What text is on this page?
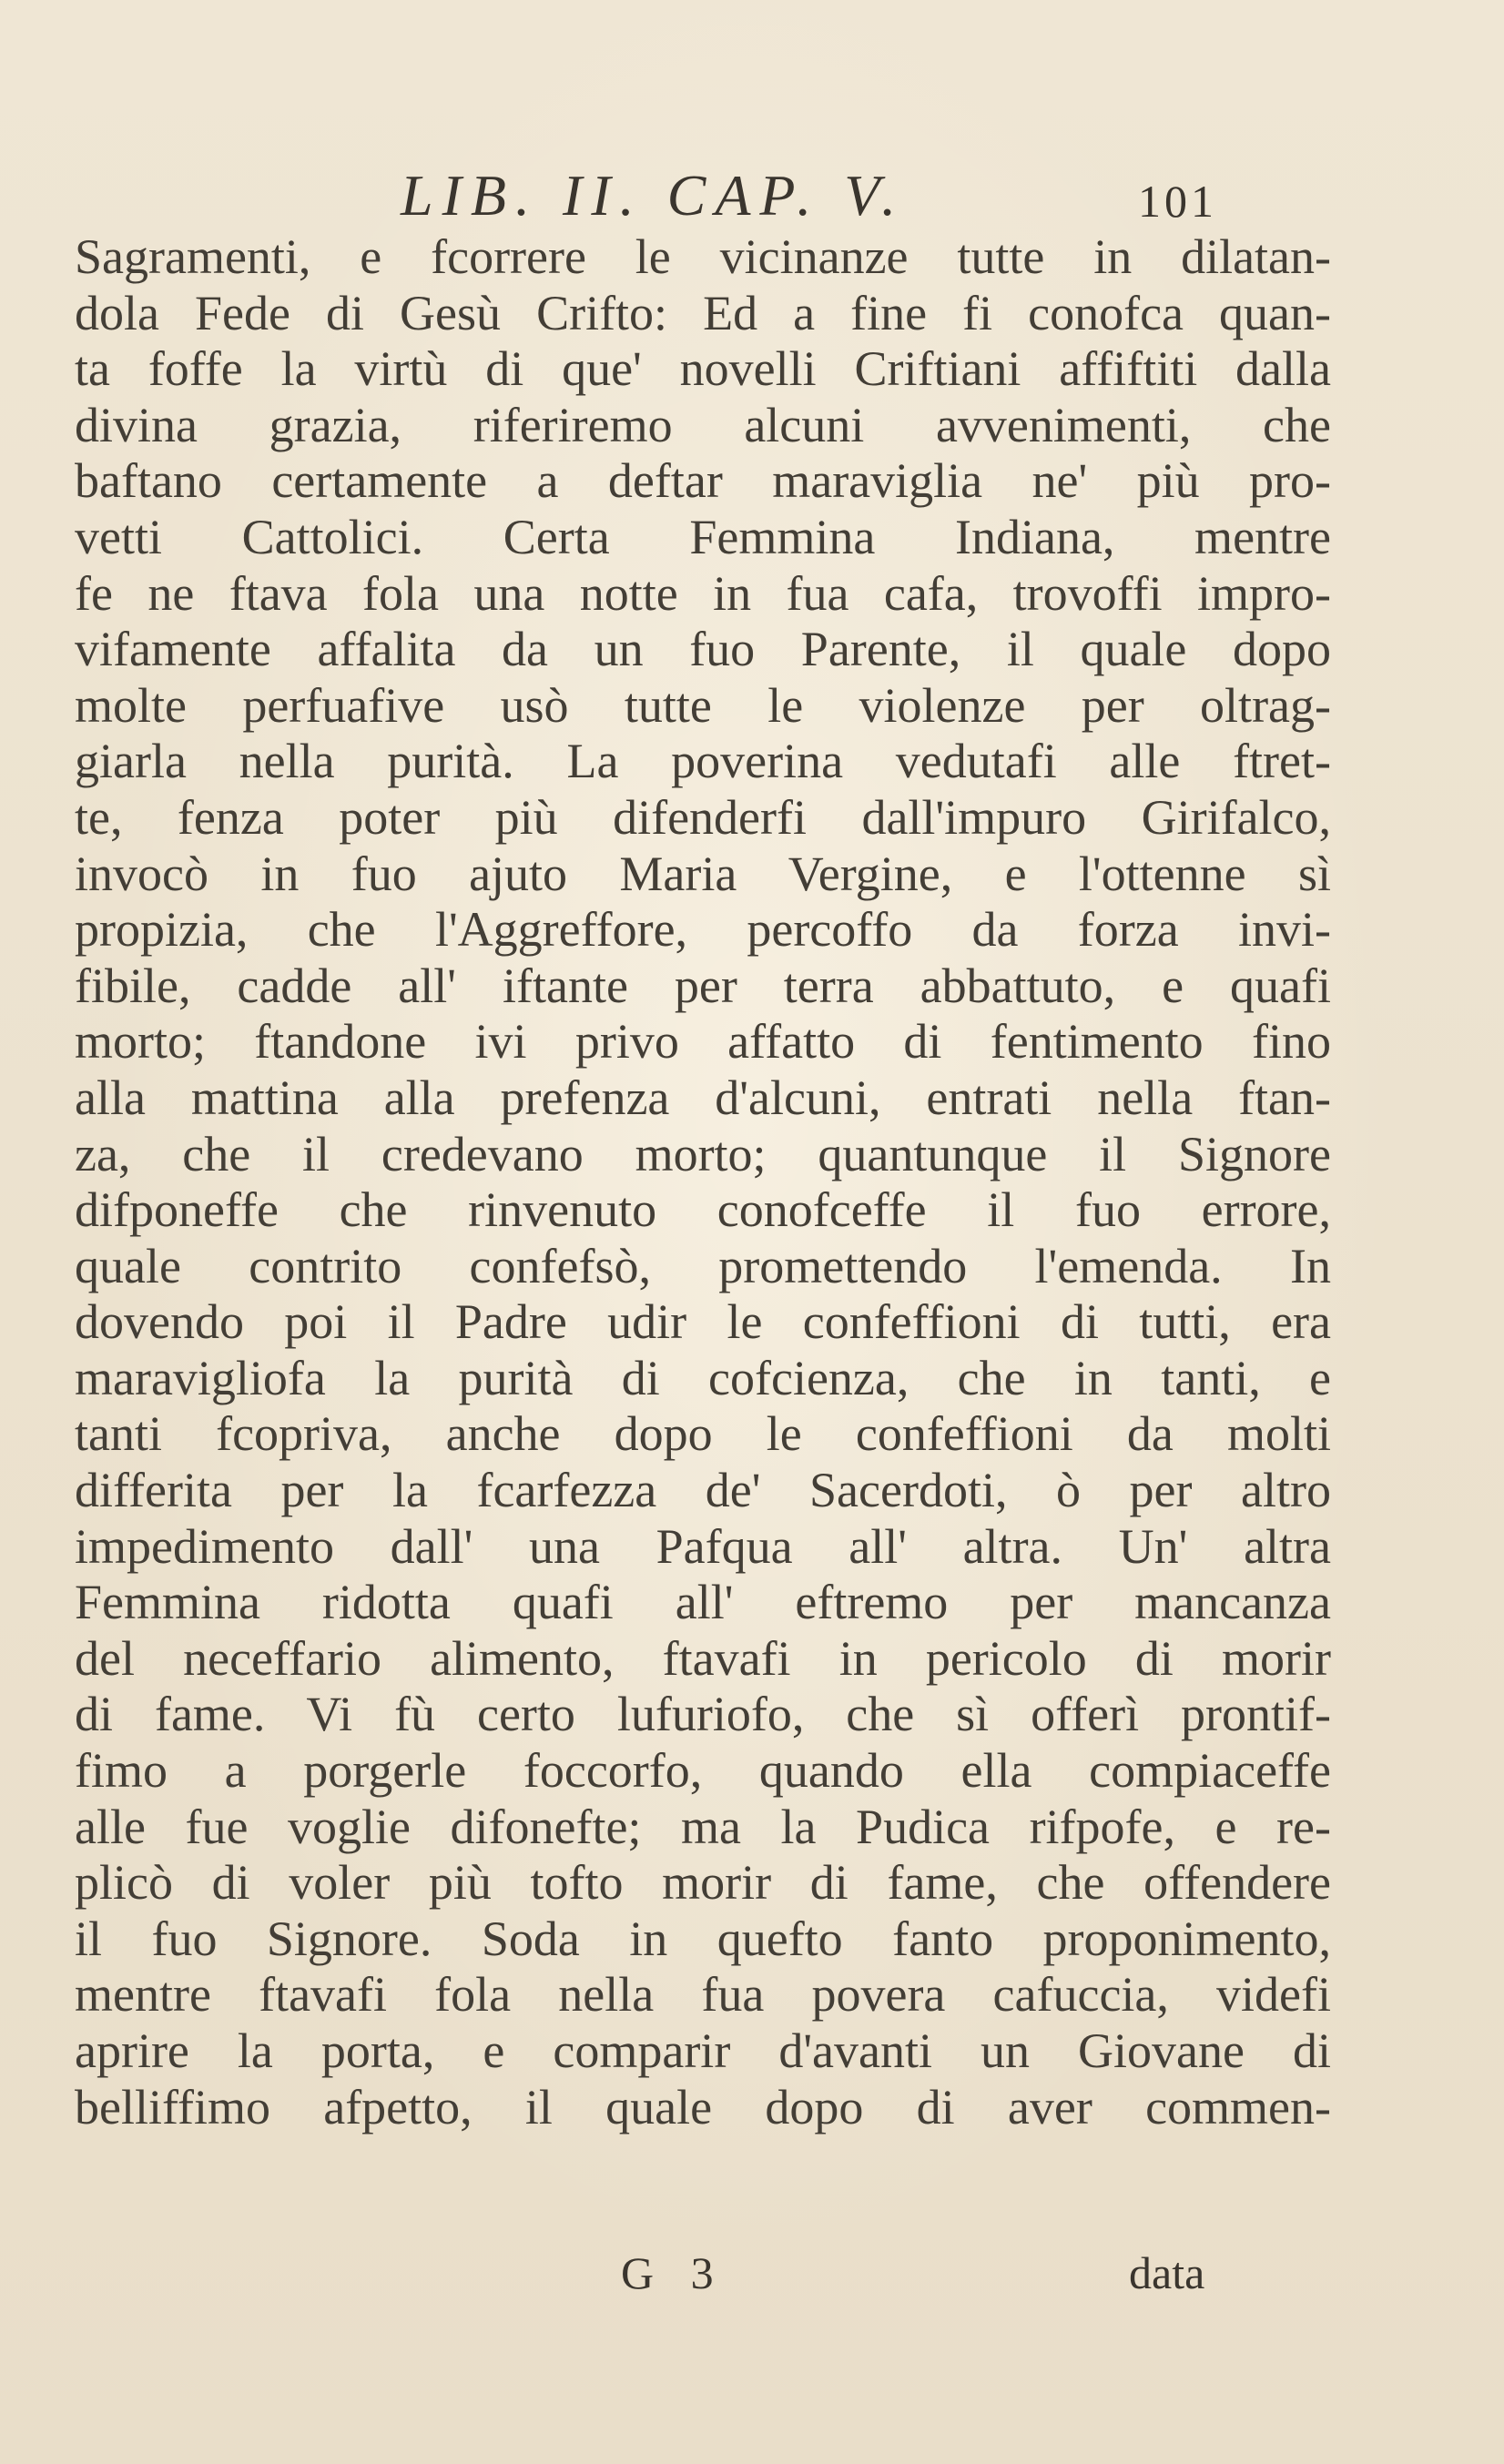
LIB. II. CAP. V.	101
Sagramenti, e fcorrere le vicinanze tutte in dilatan-
dola Fede di Gesù Crifto: Ed a fine fi conofca quan-
ta foffe la virtù di que' novelli Criftiani affiftiti dalla
divina grazia, riferiremo alcuni avvenimenti, che
baftano certamente a deftar maraviglia ne' più pro-
vetti Cattolici. Certa Femmina Indiana, mentre
fe ne ftava fola una notte in fua cafa, trovoffi impro-
vifamente affalita da un fuo Parente, il quale dopo
molte perfuafive usò tutte le violenze per oltrag-
giarla nella purità. La poverina vedutafi alle ftret-
te, fenza poter più difenderfi dall'impuro Girifalco,
invocò in fuo ajuto Maria Vergine, e l'ottenne sì
propizia, che l'Aggreffore, percoffo da forza invi-
fibile, cadde all' iftante per terra abbattuto, e quafi
morto; ftandone ivi privo affatto di fentimento fino
alla mattina alla prefenza d'alcuni, entrati nella ftan-
za, che il credevano morto; quantunque il Signore
difponeffe che rinvenuto conofceffe il fuo errore,
quale contrito confefsò, promettendo l'emenda. In
dovendo poi il Padre udir le confeffioni di tutti, era
maravigliofa la purità di cofcienza, che in tanti, e
tanti fcopriva, anche dopo le confeffioni da molti
differita per la fcarfezza de' Sacerdoti, ò per altro
impedimento dall' una Pafqua all' altra. Un' altra
Femmina ridotta quafi all' eftremo per mancanza
del neceffario alimento, ftavafi in pericolo di morir
di fame. Vi fù certo lufuriofo, che sì offerì prontif-
fimo a porgerle foccorfo, quando ella compiaceffe
alle fue voglie difonefte; ma la Pudica rifpofe, e re-
plicò di voler più tofto morir di fame, che offendere
il fuo Signore. Soda in quefto fanto proponimento,
mentre ftavafi fola nella fua povera cafuccia, videfi
aprire la porta, e comparir d'avanti un Giovane di
belliffimo afpetto, il quale dopo di aver commen-
G 3	data
